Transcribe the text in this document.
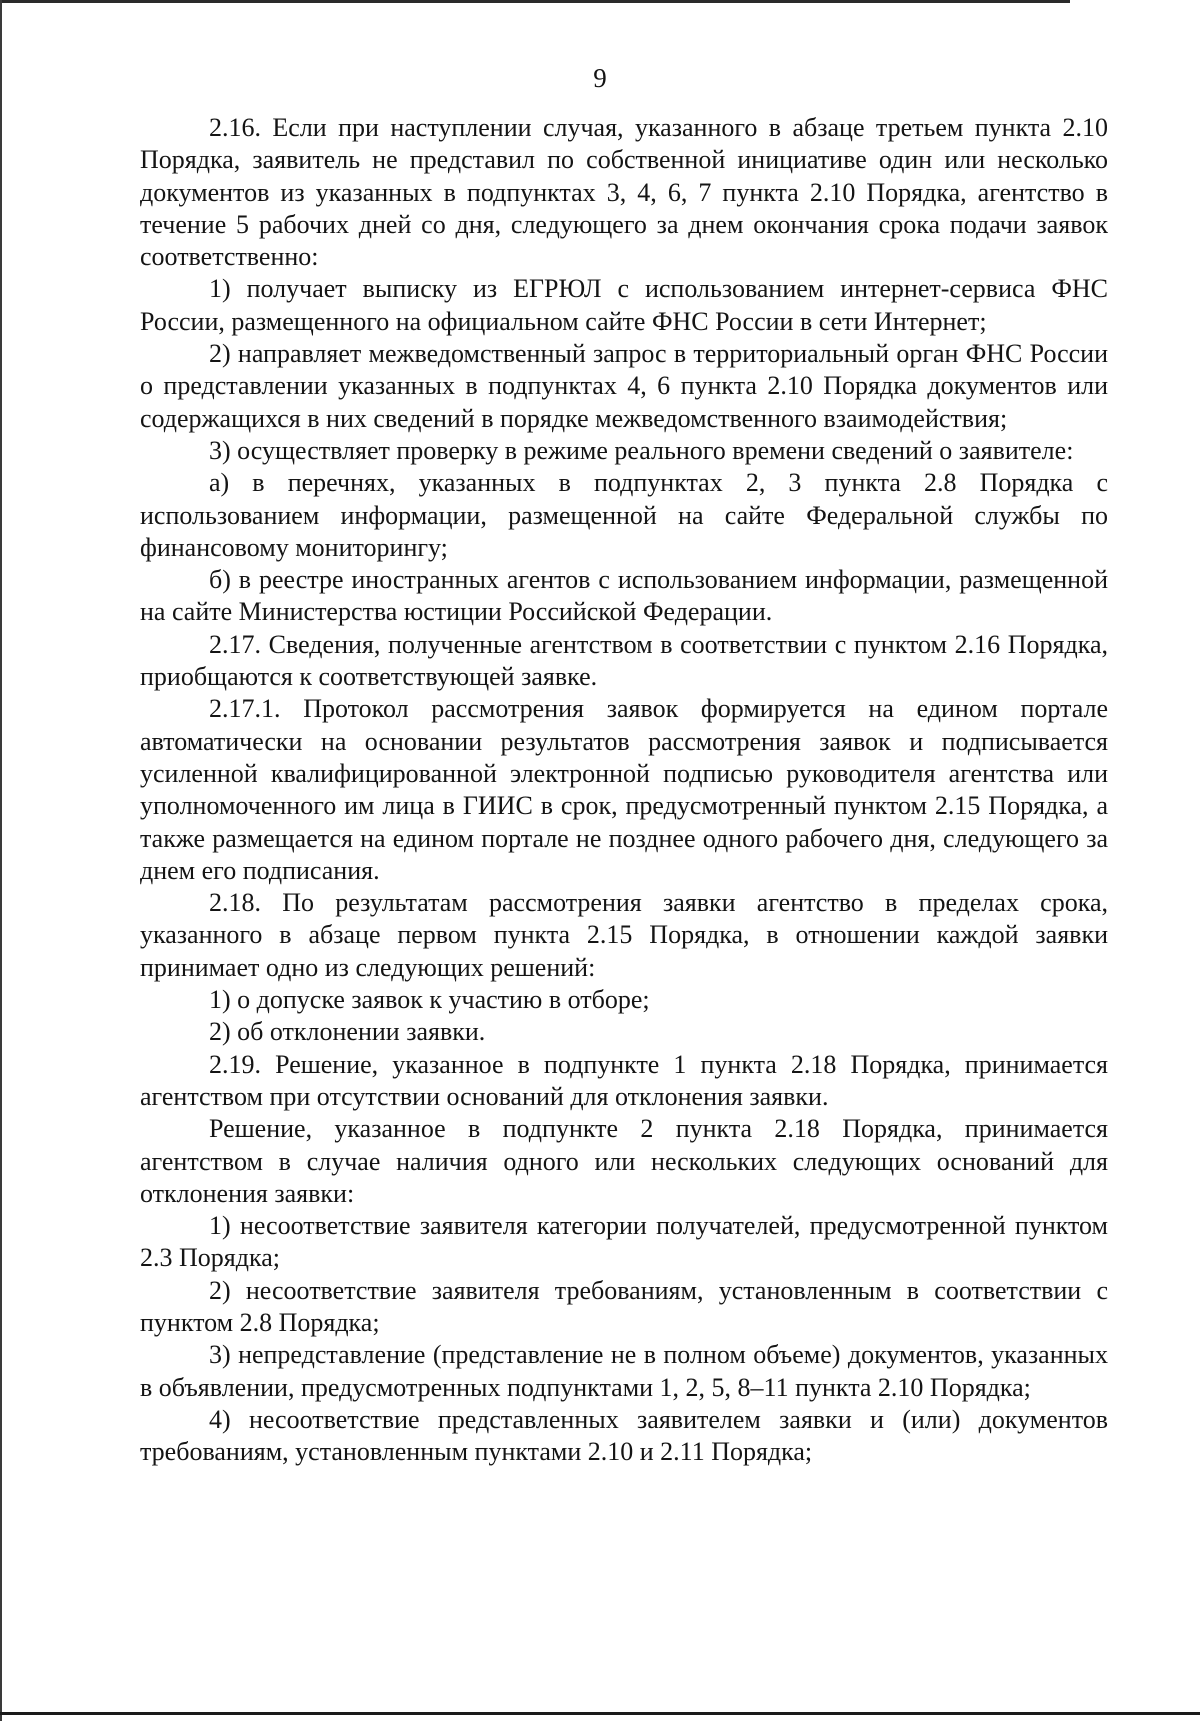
9

2.16. Если при наступлении случая, указанного в абзаце третьем пункта 2.10 Порядка, заявитель не представил по собственной инициативе один или несколько документов из указанных в подпунктах 3, 4, 6, 7 пункта 2.10 Порядка, агентство в течение 5 рабочих дней со дня, следующего за днем окончания срока подачи заявок соответственно:

1) получает выписку из ЕГРЮЛ с использованием интернет-сервиса ФНС России, размещенного на официальном сайте ФНС России в сети Интернет;

2) направляет межведомственный запрос в территориальный орган ФНС России о представлении указанных в подпунктах 4, 6 пункта 2.10 Порядка документов или содержащихся в них сведений в порядке межведомственного взаимодействия;

3) осуществляет проверку в режиме реального времени сведений о заявителе:

а) в перечнях, указанных в подпунктах 2, 3 пункта 2.8 Порядка с использованием информации, размещенной на сайте Федеральной службы по финансовому мониторингу;

б) в реестре иностранных агентов с использованием информации, размещенной на сайте Министерства юстиции Российской Федерации.

2.17. Сведения, полученные агентством в соответствии с пунктом 2.16 Порядка, приобщаются к соответствующей заявке.

2.17.1. Протокол рассмотрения заявок формируется на едином портале автоматически на основании результатов рассмотрения заявок и подписывается усиленной квалифицированной электронной подписью руководителя агентства или уполномоченного им лица в ГИИС в срок, предусмотренный пунктом 2.15 Порядка, а также размещается на едином портале не позднее одного рабочего дня, следующего за днем его подписания.

2.18. По результатам рассмотрения заявки агентство в пределах срока, указанного в абзаце первом пункта 2.15 Порядка, в отношении каждой заявки принимает одно из следующих решений:

1) о допуске заявок к участию в отборе;

2) об отклонении заявки.

2.19. Решение, указанное в подпункте 1 пункта 2.18 Порядка, принимается агентством при отсутствии оснований для отклонения заявки.

Решение, указанное в подпункте 2 пункта 2.18 Порядка, принимается агентством в случае наличия одного или нескольких следующих оснований для отклонения заявки:

1) несоответствие заявителя категории получателей, предусмотренной пунктом 2.3 Порядка;

2) несоответствие заявителя требованиям, установленным в соответствии с пунктом 2.8 Порядка;

3) непредставление (представление не в полном объеме) документов, указанных в объявлении, предусмотренных подпунктами 1, 2, 5, 8–11 пункта 2.10 Порядка;

4) несоответствие представленных заявителем заявки и (или) документов требованиям, установленным пунктами 2.10 и 2.11 Порядка;
